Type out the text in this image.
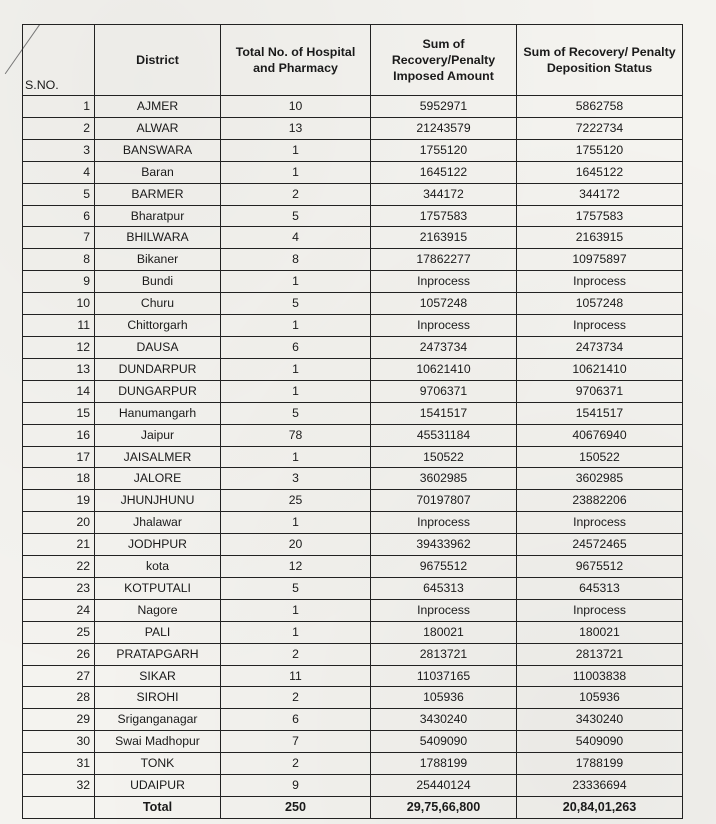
S.NO.	District	Total No. of Hospital and Pharmacy	Sum of Recovery/Penalty Imposed Amount	Sum of Recovery/ Penalty Deposition Status
1	AJMER	10	5952971	5862758
2	ALWAR	13	21243579	7222734
3	BANSWARA	1	1755120	1755120
4	Baran	1	1645122	1645122
5	BARMER	2	344172	344172
6	Bharatpur	5	1757583	1757583
7	BHILWARA	4	2163915	2163915
8	Bikaner	8	17862277	10975897
9	Bundi	1	Inprocess	Inprocess
10	Churu	5	1057248	1057248
11	Chittorgarh	1	Inprocess	Inprocess
12	DAUSA	6	2473734	2473734
13	DUNDARPUR	1	10621410	10621410
14	DUNGARPUR	1	9706371	9706371
15	Hanumangarh	5	1541517	1541517
16	Jaipur	78	45531184	40676940
17	JAISALMER	1	150522	150522
18	JALORE	3	3602985	3602985
19	JHUNJHUNU	25	70197807	23882206
20	Jhalawar	1	Inprocess	Inprocess
21	JODHPUR	20	39433962	24572465
22	kota	12	9675512	9675512
23	KOTPUTALI	5	645313	645313
24	Nagore	1	Inprocess	Inprocess
25	PALI	1	180021	180021
26	PRATAPGARH	2	2813721	2813721
27	SIKAR	11	11037165	11003838
28	SIROHI	2	105936	105936
29	Sriganganagar	6	3430240	3430240
30	Swai Madhopur	7	5409090	5409090
31	TONK	2	1788199	1788199
32	UDAIPUR	9	25440124	23336694
	Total	250	29,75,66,800	20,84,01,263
